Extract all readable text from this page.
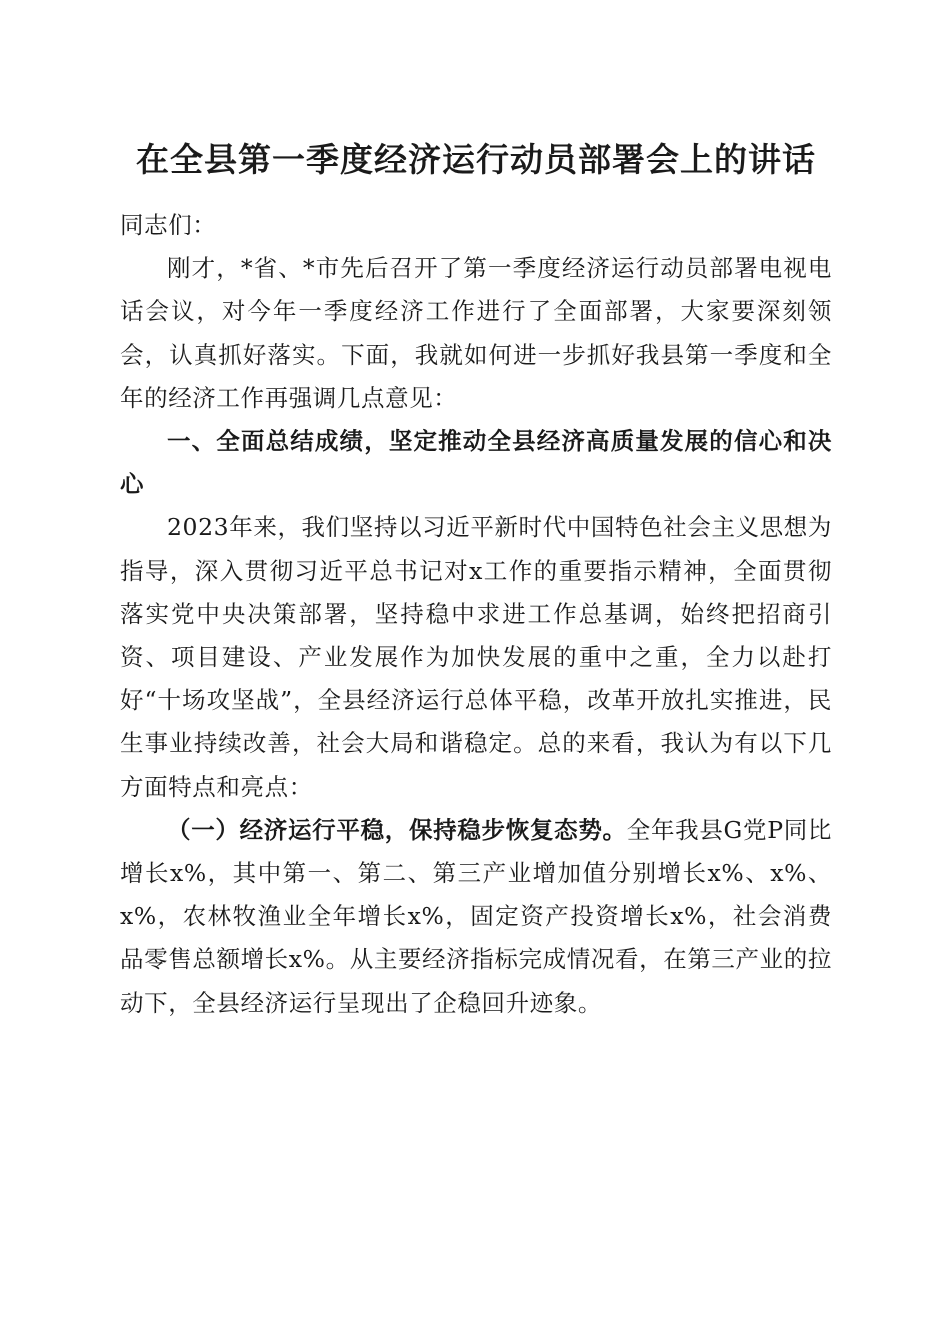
在全县第一季度经济运行动员部署会上的讲话

同志们：

刚才，*省、*市先后召开了第一季度经济运行动员部署电视电话会议，对今年一季度经济工作进行了全面部署，大家要深刻领会，认真抓好落实。下面，我就如何进一步抓好我县第一季度和全年的经济工作再强调几点意见：

一、全面总结成绩，坚定推动全县经济高质量发展的信心和决心

2023年来，我们坚持以习近平新时代中国特色社会主义思想为指导，深入贯彻习近平总书记对x工作的重要指示精神，全面贯彻落实党中央决策部署，坚持稳中求进工作总基调，始终把招商引资、项目建设、产业发展作为加快发展的重中之重，全力以赴打好“十场攻坚战”，全县经济运行总体平稳，改革开放扎实推进，民生事业持续改善，社会大局和谐稳定。总的来看，我认为有以下几方面特点和亮点：

（一）经济运行平稳，保持稳步恢复态势。全年我县G党P同比增长x%，其中第一、第二、第三产业增加值分别增长x%、x%、x%，农林牧渔业全年增长x%，固定资产投资增长x%，社会消费品零售总额增长x%。从主要经济指标完成情况看，在第三产业的拉动下，全县经济运行呈现出了企稳回升迹象。
